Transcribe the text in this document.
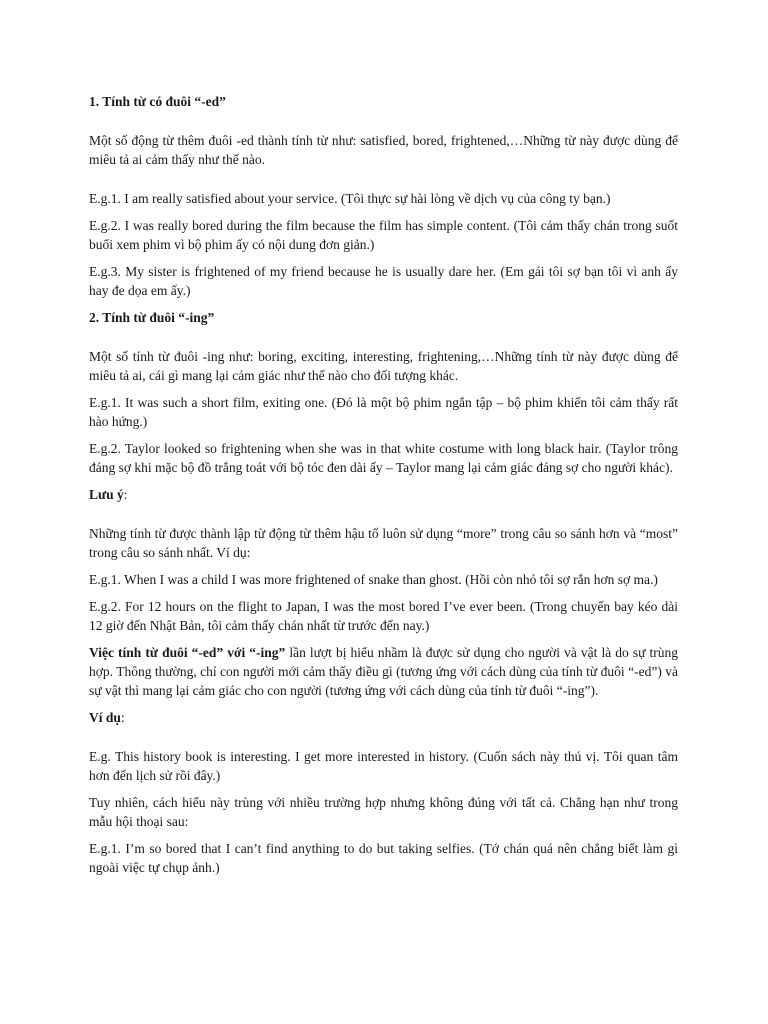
1. Tính từ có đuôi “-ed”

Một số động từ thêm đuôi -ed thành tính từ như: satisfied, bored, frightened,…Những từ này được dùng để miêu tả ai cảm thấy như thế nào.

E.g.1. I am really satisfied about your service. (Tôi thực sự hài lòng về dịch vụ của công ty bạn.)

E.g.2. I was really bored during the film because the film has simple content. (Tôi cảm thấy chán trong suốt buổi xem phim vì bộ phim ấy có nội dung đơn giản.)

E.g.3. My sister is frightened of my friend because he is usually dare her. (Em gái tôi sợ bạn tôi vì anh ấy hay đe dọa em ấy.)

2. Tính từ đuôi “-ing”

Một số tính từ đuôi -ing như: boring, exciting, interesting, frightening,…Những tính từ này được dùng để miêu tả ai, cái gì mang lại cảm giác như thế nào cho đối tượng khác.

E.g.1. It was such a short film, exiting one. (Đó là một bộ phim ngắn tập – bộ phim khiến tôi cảm thấy rất hào hứng.)

E.g.2. Taylor looked so frightening when she was in that white costume with long black hair. (Taylor trông đáng sợ khi mặc bộ đồ trắng toát với bộ tóc đen dài ấy – Taylor mang lại cảm giác đáng sợ cho người khác).

Lưu ý:

Những tính từ được thành lập từ động từ thêm hậu tố luôn sử dụng “more” trong câu so sánh hơn và “most” trong câu so sánh nhất. Ví dụ:

E.g.1. When I was a child I was more frightened of snake than ghost. (Hồi còn nhỏ tôi sợ rắn hơn sợ ma.)

E.g.2. For 12 hours on the flight to Japan, I was the most bored I’ve ever been. (Trong chuyến bay kéo dài 12 giờ đến Nhật Bản, tôi cảm thấy chán nhất từ trước đến nay.)

Việc tính từ đuôi “-ed” với “-ing” lần lượt bị hiểu nhầm là được sử dụng cho người và vật là do sự trùng hợp. Thông thường, chỉ con người mới cảm thấy điều gì (tương ứng với cách dùng của tính từ đuôi “-ed”) và sự vật thì mang lại cảm giác cho con người (tương ứng với cách dùng của tính từ đuôi “-ing”).

Ví dụ:

E.g. This history book is interesting. I get more interested in history. (Cuốn sách này thú vị. Tôi quan tâm hơn đến lịch sử rồi đây.)

Tuy nhiên, cách hiểu này trùng với nhiều trường hợp nhưng không đúng với tất cả. Chẳng hạn như trong mẫu hội thoại sau:

E.g.1. I’m so bored that I can’t find anything to do but taking selfies. (Tớ chán quá nên chẳng biết làm gì ngoài việc tự chụp ảnh.)
